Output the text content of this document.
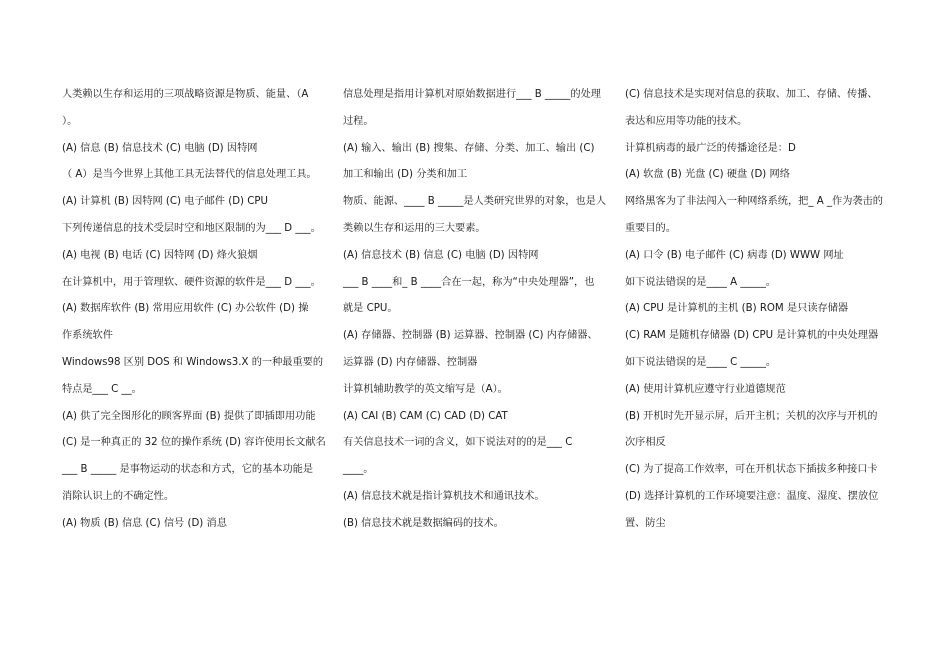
人类赖以生存和运用的三项战略资源是物质、能量、（A
）。
(A) 信息 (B) 信息技术 (C) 电脑 (D) 因特网
（ A）是当今世界上其他工具无法替代的信息处理工具。
(A) 计算机 (B) 因特网 (C) 电子邮件 (D) CPU
下列传递信息的技术受层时空和地区限制的为___ D ___。
(A) 电视 (B) 电话 (C) 因特网 (D) 烽火狼烟
在计算机中，用于管理软、硬件资源的软件是___ D ___。
(A) 数据库软件 (B) 常用应用软件 (C) 办公软件 (D) 操
作系统软件
Windows98 区别 DOS 和 Windows3.X 的一种最重要的
特点是___ C __。
(A) 供了完全图形化的顾客界面 (B) 提供了即插即用功能
(C) 是一种真正的 32 位的操作系统 (D) 容许使用长文献名
___ B _____ 是事物运动的状态和方式，它的基本功能是
消除认识上的不确定性。
(A) 物质 (B) 信息 (C) 信号 (D) 消息
信息处理是指用计算机对原始数据进行___ B _____的处理
过程。
(A) 输入、输出 (B) 搜集、存储、分类、加工、输出 (C)
加工和输出 (D) 分类和加工
物质、能源、____ B _____是人类研究世界的对象，也是人
类赖以生存和运用的三大要素。
(A) 信息技术 (B) 信息 (C) 电脑 (D) 因特网
___ B ____和_ B ____合在一起，称为“中央处理器”，也
就是 CPU。
(A) 存储器、控制器 (B) 运算器、控制器 (C) 内存储器、
运算器 (D) 内存储器、控制器
计算机辅助教学的英文缩写是（A）。
(A) CAI (B) CAM (C) CAD (D) CAT
有关信息技术一词的含义，如下说法对的的是___ C
____。
(A) 信息技术就是指计算机技术和通讯技术。
(B) 信息技术就是数据编码的技术。
(C) 信息技术是实现对信息的获取、加工、存储、传播、
表达和应用等功能的技术。
计算机病毒的最广泛的传播途径是：D
(A) 软盘 (B) 光盘 (C) 硬盘 (D) 网络
网络黑客为了非法闯入一种网络系统，把_ A _作为袭击的
重要目的。
(A) 口令 (B) 电子邮件 (C) 病毒 (D) WWW 网址
如下说法错误的是____ A _____。
(A) CPU 是计算机的主机 (B) ROM 是只读存储器
(C) RAM 是随机存储器 (D) CPU 是计算机的中央处理器
如下说法错误的是____ C _____。
(A) 使用计算机应遵守行业道德规范
(B) 开机时先开显示屏，后开主机；关机的次序与开机的
次序相反
(C) 为了提高工作效率，可在开机状态下插拔多种接口卡
(D) 选择计算机的工作环境要注意：温度、湿度、摆放位
置、防尘
